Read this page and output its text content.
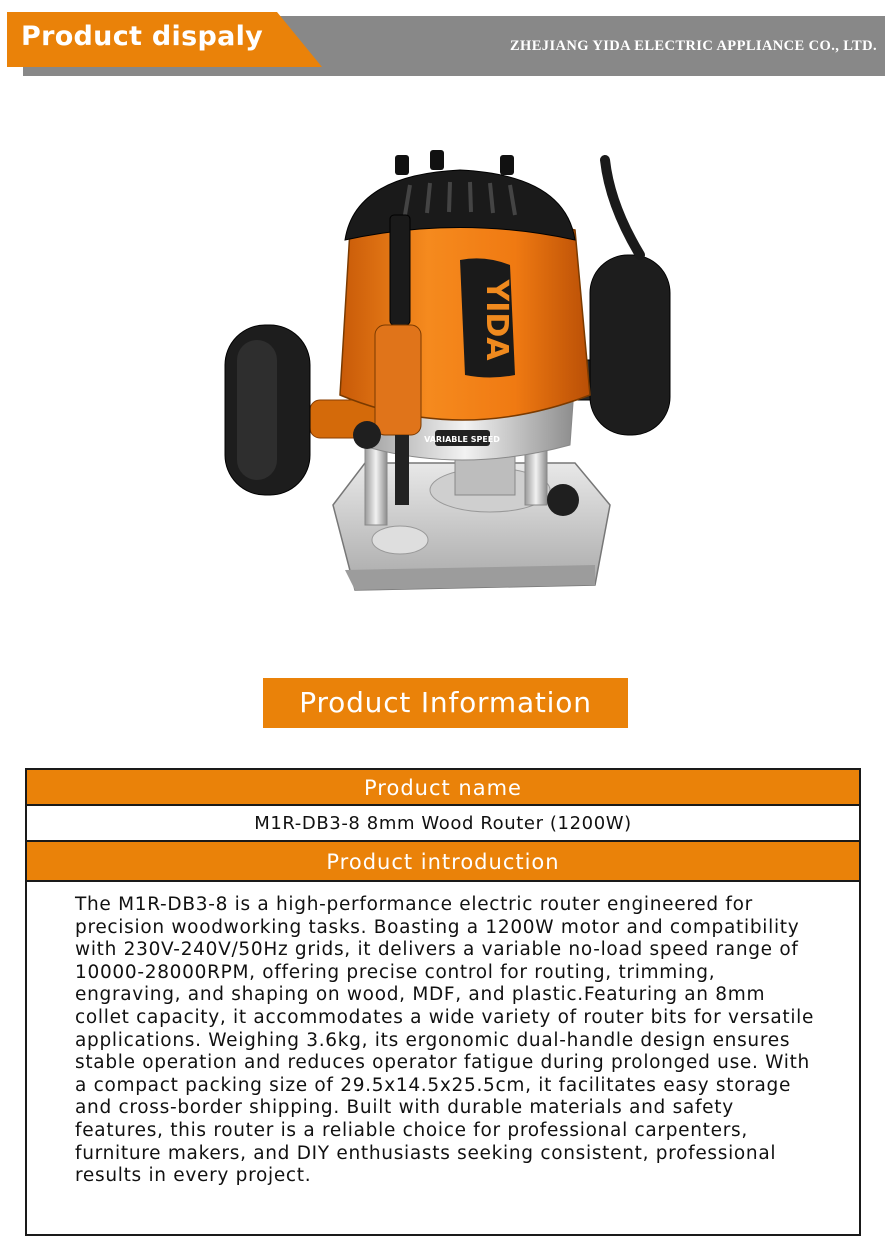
Product dispaly	ZHEJIANG YIDA ELECTRIC APPLIANCE CO., LTD.
YIDA
VARIABLE SPEED
Product Information
Product name
M1R-DB3-8 8mm Wood Router (1200W)
Product introduction
The M1R-DB3-8 is a high-performance electric router engineered for precision woodworking tasks. Boasting a 1200W motor and compatibility with 230V-240V/50Hz grids, it delivers a variable no-load speed range of 10000-28000RPM, offering precise control for routing, trimming, engraving, and shaping on wood, MDF, and plastic.Featuring an 8mm collet capacity, it accommodates a wide variety of router bits for versatile applications. Weighing 3.6kg, its ergonomic dual-handle design ensures stable operation and reduces operator fatigue during prolonged use. With a compact packing size of 29.5x14.5x25.5cm, it facilitates easy storage and cross-border shipping. Built with durable materials and safety features, this router is a reliable choice for professional carpenters, furniture makers, and DIY enthusiasts seeking consistent, professional results in every project.
